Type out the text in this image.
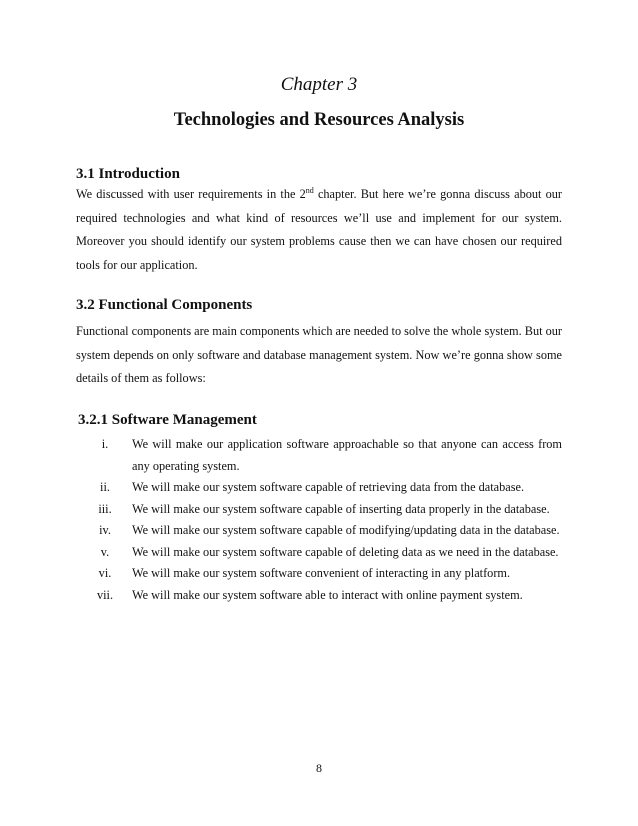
Chapter 3
Technologies and Resources Analysis
3.1 Introduction

We discussed with user requirements in the 2nd chapter. But here we’re gonna discuss about our required technologies and what kind of resources we’ll use and implement for our system. Moreover you should identify our system problems cause then we can have chosen our required tools for our application.

3.2 Functional Components

Functional components are main components which are needed to solve the whole system. But our system depends on only software and database management system. Now we’re gonna show some details of them as follows:

3.2.1 Software Management
i.	We will make our application software approachable so that anyone can access from any operating system.
ii.	We will make our system software capable of retrieving data from the database.
iii.	We will make our system software capable of inserting data properly in the database.
iv.	We will make our system software capable of modifying/updating data in the database.
v.	We will make our system software capable of deleting data as we need in the database.
vi.	We will make our system software convenient of interacting in any platform.
vii.	We will make our system software able to interact with online payment system.
8
